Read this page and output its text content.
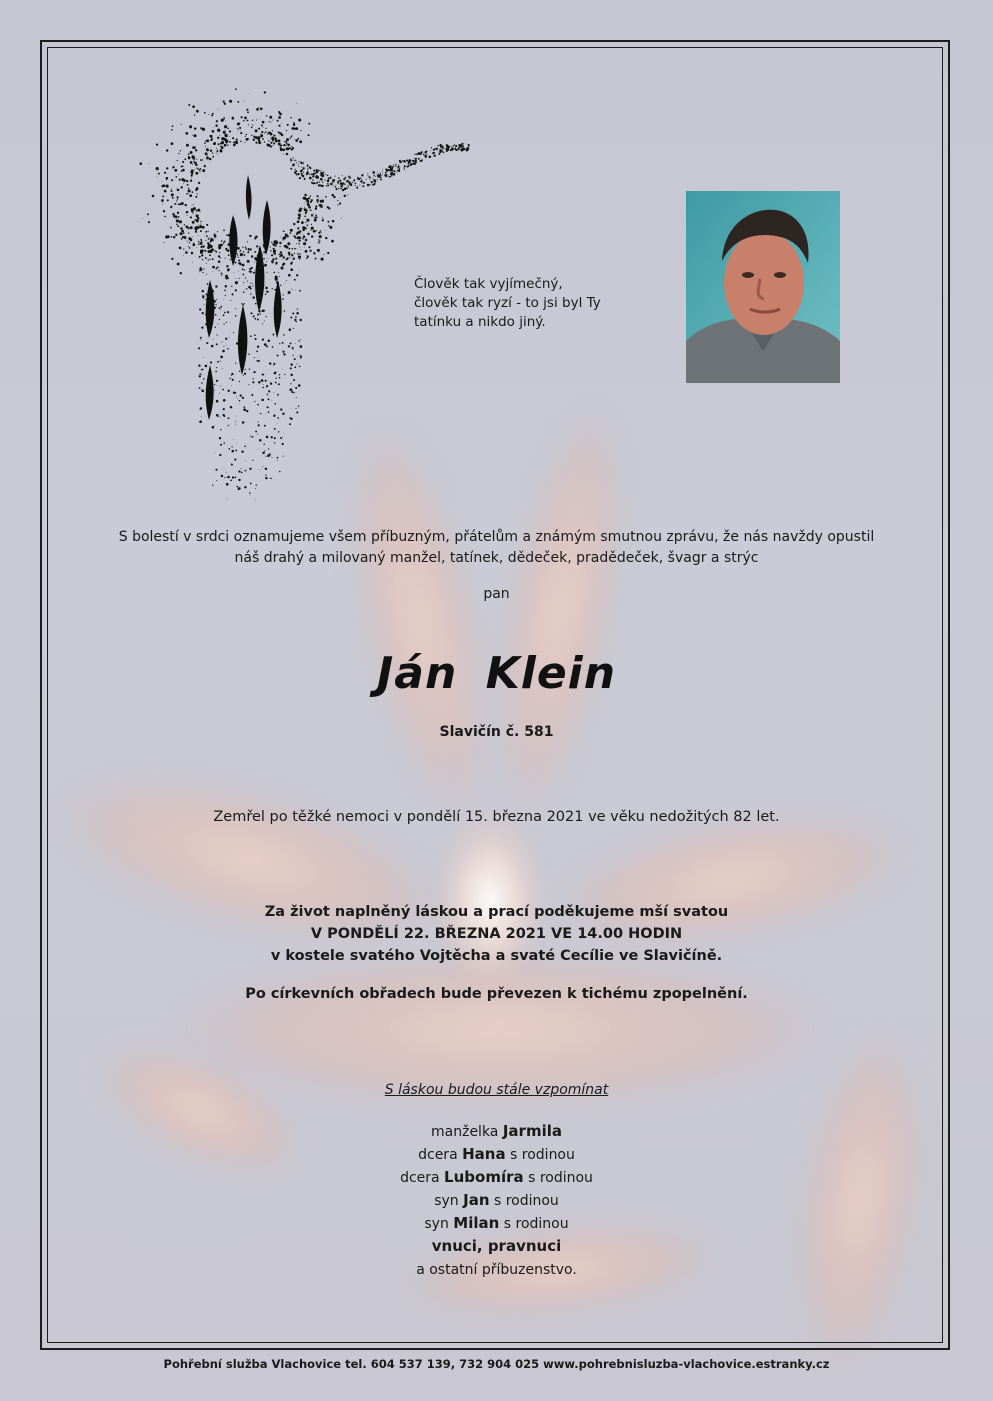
Člověk tak vyjímečný,
člověk tak ryzí - to jsi byl Ty
tatínku a nikdo jiný.
S bolestí v srdci oznamujeme všem příbuzným, přátelům a známým smutnou zprávu, že nás navždy opustil
náš drahý a milovaný manžel, tatínek, dědeček, pradědeček, švagr a strýc
pan
Ján Klein
Slavičín č. 581
Zemřel po těžké nemoci v pondělí 15. března 2021 ve věku nedožitých 82 let.
Za život naplněný láskou a prací poděkujeme mší svatou
V PONDĚLÍ 22. BŘEZNA 2021 VE 14.00 HODIN
v kostele svatého Vojtěcha a svaté Cecílie ve Slavičíně.
Po církevních obřadech bude převezen k tichému zpopelnění.
S láskou budou stále vzpomínat
manželka Jarmila
dcera Hana s rodinou
dcera Lubomíra s rodinou
syn Jan s rodinou
syn Milan s rodinou
vnuci, pravnuci
a ostatní příbuzenstvo.
Pohřební služba Vlachovice tel. 604 537 139, 732 904 025 www.pohrebnisluzba-vlachovice.estranky.cz
